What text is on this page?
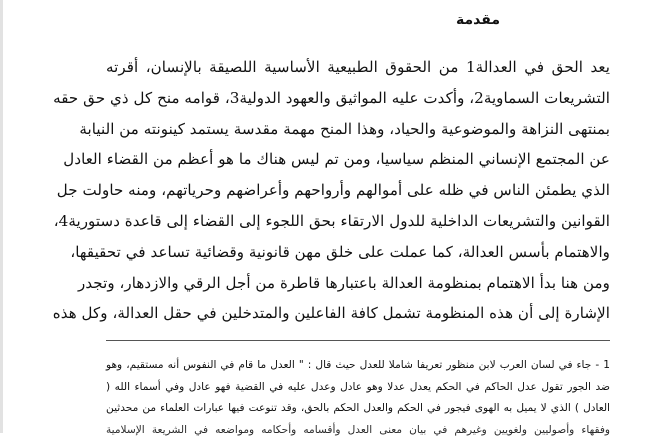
مقدمة
يعد الحق في العدالة1 من الحقوق الطبيعية الأساسية اللصيقة بالإنسان، أقرته
التشريعات السماوية2، وأكدت عليه المواثيق والعهود الدولية3، قوامه منح كل ذي حق حقه
بمنتهى النزاهة والموضوعية والحياد، وهذا المنح مهمة مقدسة يستمد كينونته من النيابة
عن المجتمع الإنساني المنظم سياسيا، ومن تم ليس هناك ما هو أعظم من القضاء العادل
الذي يطمئن الناس في ظله على أموالهم وأرواحهم وأعراضهم وحرياتهم، ومنه حاولت جل
القوانين والتشريعات الداخلية للدول الارتقاء بحق اللجوء إلى القضاء إلى قاعدة دستورية4،
والاهتمام بأسس العدالة، كما عملت على خلق مهن قانونية وقضائية تساعد في تحقيقها،
ومن هنا بدأ الاهتمام بمنظومة العدالة باعتبارها قاطرة من أجل الرقي والازدهار، وتجدر
الإشارة إلى أن هذه المنظومة تشمل كافة الفاعلين والمتدخلين في حقل العدالة، وكل هذه
1 - جاء في لسان العرب لابن منظور تعريفا شاملا للعدل حيث قال : " العدل ما قام في النفوس أنه مستقيم، وهو
ضد الجور تقول عدل الحاكم في الحكم يعدل عدلا وهو عادل وعدل عليه في القضية فهو عادل وفي أسماء الله (
العادل ) الذي لا يميل به الهوى فيجور في الحكم والعدل الحكم بالحق، وقد تنوعت فيها عبارات العلماء من محدثين
وفقهاء وأصوليين ولغويين وغيرهم في بيان معنى العدل وأقسامه وأحكامه ومواضعه في الشريعة الإسلامية
